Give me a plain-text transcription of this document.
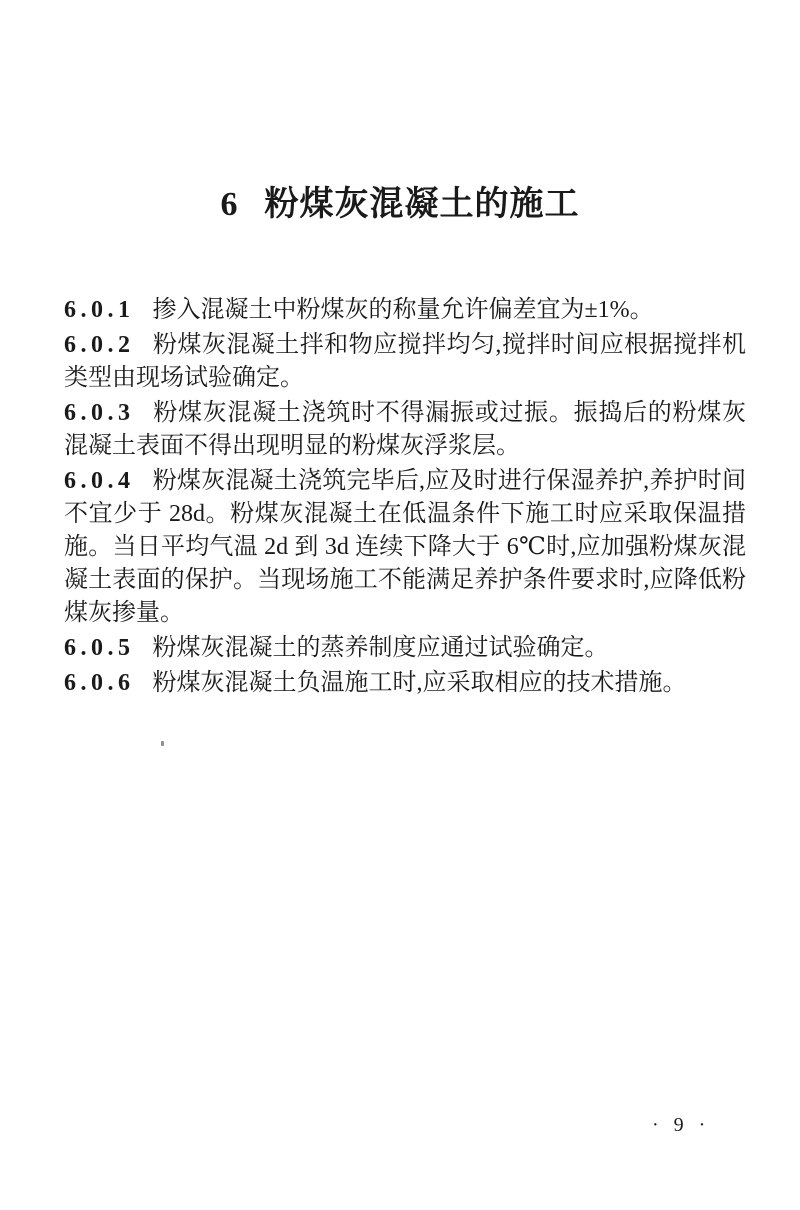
6 粉煤灰混凝土的施工

6.0.1 掺入混凝土中粉煤灰的称量允许偏差宜为±1%。

6.0.2 粉煤灰混凝土拌和物应搅拌均匀,搅拌时间应根据搅拌机类型由现场试验确定。

6.0.3 粉煤灰混凝土浇筑时不得漏振或过振。振捣后的粉煤灰混凝土表面不得出现明显的粉煤灰浮浆层。

6.0.4 粉煤灰混凝土浇筑完毕后,应及时进行保湿养护,养护时间不宜少于 28d。粉煤灰混凝土在低温条件下施工时应采取保温措施。当日平均气温 2d 到 3d 连续下降大于 6℃时,应加强粉煤灰混凝土表面的保护。当现场施工不能满足养护条件要求时,应降低粉煤灰掺量。

6.0.5 粉煤灰混凝土的蒸养制度应通过试验确定。

6.0.6 粉煤灰混凝土负温施工时,应采取相应的技术措施。

· 9 ·
